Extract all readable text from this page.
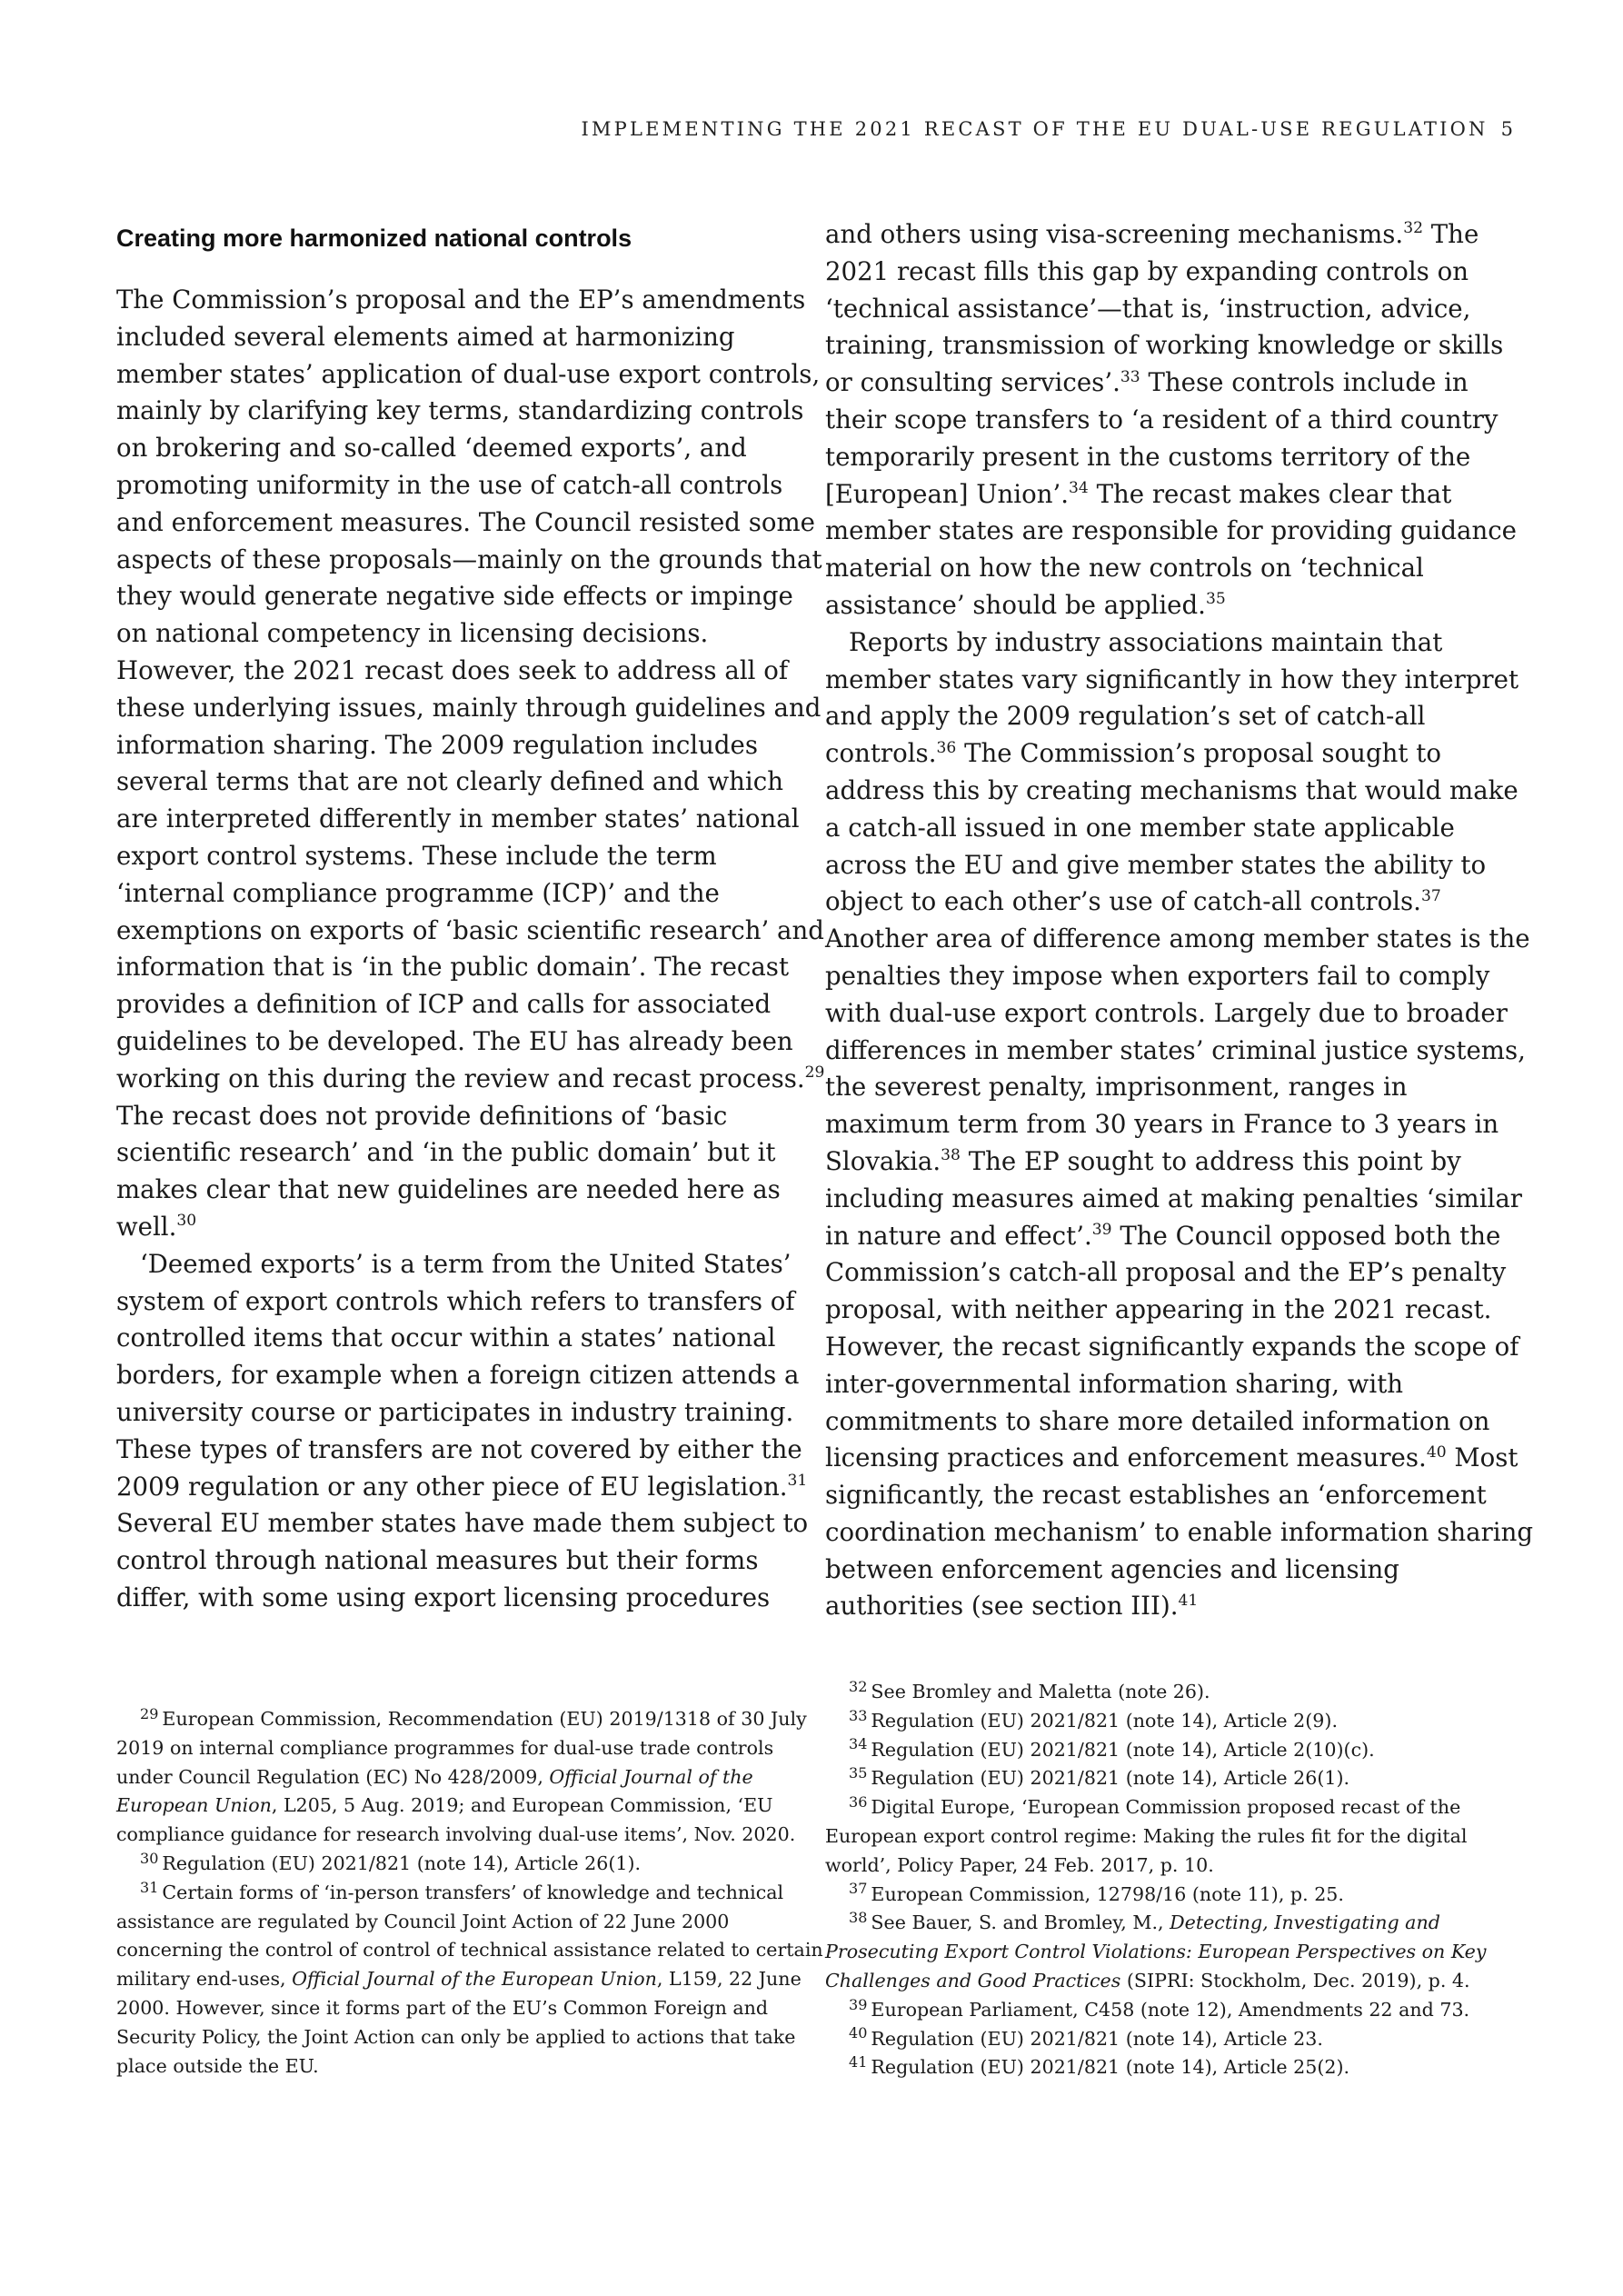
IMPLEMENTING THE 2021 RECAST OF THE EU DUAL-USE REGULATION 5
Creating more harmonized national controls

The Commission’s proposal and the EP’s amendments included several elements aimed at harmonizing member states’ application of dual-use export controls, mainly by clarifying key terms, standardizing controls on brokering and so-called ‘deemed exports’, and promoting uniformity in the use of catch-all controls and enforcement measures. The Council resisted some aspects of these proposals—mainly on the grounds that they would generate negative side effects or impinge on national competency in licensing decisions. However, the 2021 recast does seek to address all of these underlying issues, mainly through guidelines and information sharing. The 2009 regulation includes several terms that are not clearly defined and which are interpreted differently in member states’ national export control systems. These include the term ‘internal compliance programme (ICP)’ and the exemptions on exports of ‘basic scientific research’ and information that is ‘in the public domain’. The recast provides a definition of ICP and calls for associated guidelines to be developed. The EU has already been working on this during the review and recast process.$^{29}$ The recast does not provide definitions of ‘basic scientific research’ and ‘in the public domain’ but it makes clear that new guidelines are needed here as well.$^{30}$

‘Deemed exports’ is a term from the United States’ system of export controls which refers to transfers of controlled items that occur within a states’ national borders, for example when a foreign citizen attends a university course or participates in industry training. These types of transfers are not covered by either the 2009 regulation or any other piece of EU legislation.$^{31}$ Several EU member states have made them subject to control through national measures but their forms differ, with some using export licensing procedures

and others using visa-screening mechanisms.$^{32}$ The 2021 recast fills this gap by expanding controls on ‘technical assistance’—that is, ‘instruction, advice, training, transmission of working knowledge or skills or consulting services’.$^{33}$ These controls include in their scope transfers to ‘a resident of a third country temporarily present in the customs territory of the [European] Union’.$^{34}$ The recast makes clear that member states are responsible for providing guidance material on how the new controls on ‘technical assistance’ should be applied.$^{35}$

Reports by industry associations maintain that member states vary significantly in how they interpret and apply the 2009 regulation’s set of catch-all controls.$^{36}$ The Commission’s proposal sought to address this by creating mechanisms that would make a catch-all issued in one member state applicable across the EU and give member states the ability to object to each other’s use of catch-all controls.$^{37}$ Another area of difference among member states is the penalties they impose when exporters fail to comply with dual-use export controls. Largely due to broader differences in member states’ criminal justice systems, the severest penalty, imprisonment, ranges in maximum term from 30 years in France to 3 years in Slovakia.$^{38}$ The EP sought to address this point by including measures aimed at making penalties ‘similar in nature and effect’.$^{39}$ The Council opposed both the Commission’s catch-all proposal and the EP’s penalty proposal, with neither appearing in the 2021 recast. However, the recast significantly expands the scope of inter-governmental information sharing, with commitments to share more detailed information on licensing practices and enforcement measures.$^{40}$ Most significantly, the recast establishes an ‘enforcement coordination mechanism’ to enable information sharing between enforcement agencies and licensing authorities (see section III).$^{41}$

$^{29}$ European Commission, Recommendation (EU) 2019/1318 of 30 July 2019 on internal compliance programmes for dual-use trade controls under Council Regulation (EC) No 428/2009, Official Journal of the European Union, L205, 5 Aug. 2019; and European Commission, ‘EU compliance guidance for research involving dual-use items’, Nov. 2020.

$^{30}$ Regulation (EU) 2021/821 (note 14), Article 26(1).

$^{31}$ Certain forms of ‘in-person transfers’ of knowledge and technical assistance are regulated by Council Joint Action of 22 June 2000 concerning the control of control of technical assistance related to certain military end-uses, Official Journal of the European Union, L159, 22 June 2000. However, since it forms part of the EU’s Common Foreign and Security Policy, the Joint Action can only be applied to actions that take place outside the EU.

$^{32}$ See Bromley and Maletta (note 26).

$^{33}$ Regulation (EU) 2021/821 (note 14), Article 2(9).

$^{34}$ Regulation (EU) 2021/821 (note 14), Article 2(10)(c).

$^{35}$ Regulation (EU) 2021/821 (note 14), Article 26(1).

$^{36}$ Digital Europe, ‘European Commission proposed recast of the European export control regime: Making the rules fit for the digital world’, Policy Paper, 24 Feb. 2017, p. 10.

$^{37}$ European Commission, 12798/16 (note 11), p. 25.

$^{38}$ See Bauer, S. and Bromley, M., Detecting, Investigating and Prosecuting Export Control Violations: European Perspectives on Key Challenges and Good Practices (SIPRI: Stockholm, Dec. 2019), p. 4.

$^{39}$ European Parliament, C458 (note 12), Amendments 22 and 73.

$^{40}$ Regulation (EU) 2021/821 (note 14), Article 23.

$^{41}$ Regulation (EU) 2021/821 (note 14), Article 25(2).
